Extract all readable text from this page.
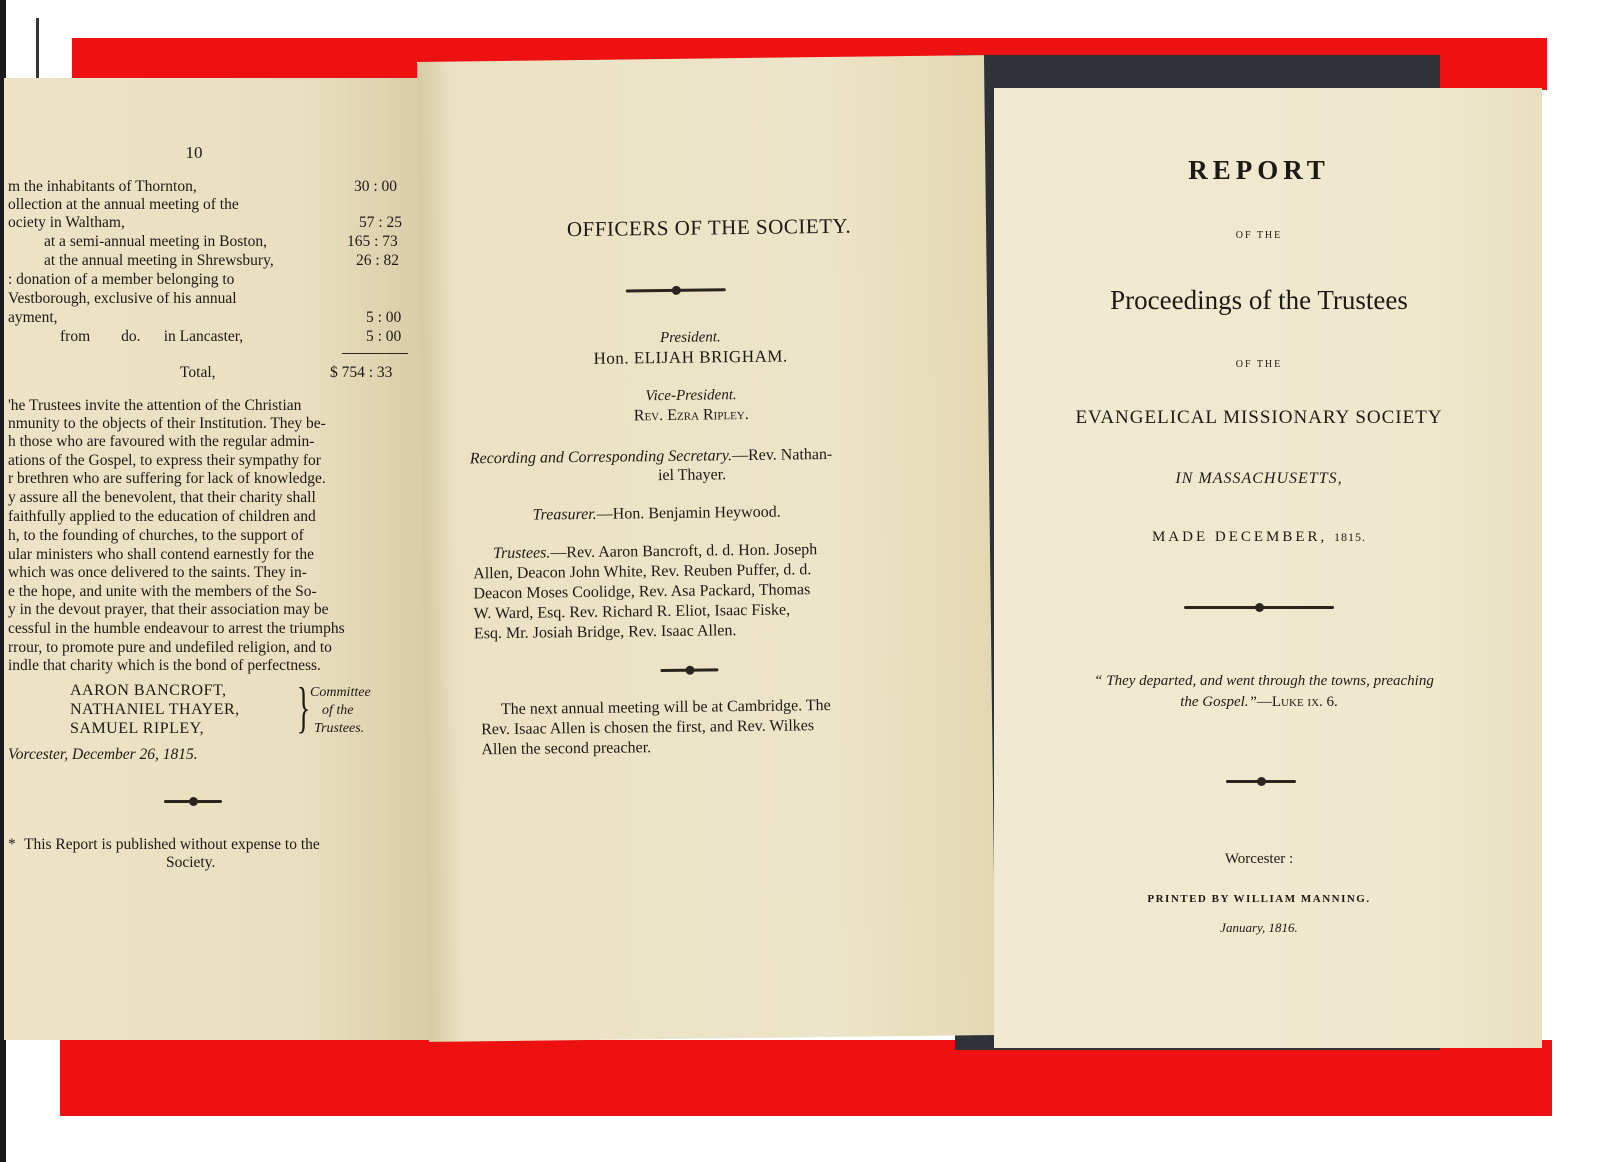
10
m the inhabitants of Thornton,	30 : 00
ollection at the annual meeting of the
ociety in Waltham,	57 : 25
at a semi-annual meeting in Boston,	165 : 73
at the annual meeting in Shrewsbury,	26 : 82
: donation of a member belonging to
Vestborough, exclusive of his annual
ayment,	5 : 00
from        do.      in Lancaster,	5 : 00
Total,	$ 754 : 33
'he Trustees invite the attention of the Christian
nmunity to the objects of their Institution. They be-
h those who are favoured with the regular admin-
ations of the Gospel, to express their sympathy for
r brethren who are suffering for lack of knowledge.
y assure all the benevolent, that their charity shall
faithfully applied to the education of children and
h, to the founding of churches, to the support of
ular ministers who shall contend earnestly for the
which was once delivered to the saints. They in-
e the hope, and unite with the members of the So-
y in the devout prayer, that their association may be
cessful in the humble endeavour to arrest the triumphs
rrour, to promote pure and undefiled religion, and to
indle that charity which is the bond of perfectness.
AARON BANCROFT,
NATHANIEL THAYER,
SAMUEL RIPLEY, } Committee
of the
Trustees.
Vorcester, December 26, 1815.
* This Report is published without expense to the
Society.
OFFICERS OF THE SOCIETY.
President.
Hon. ELIJAH BRIGHAM.
Vice-President.
Rev. Ezra Ripley.
Recording and Corresponding Secretary.—Rev. Nathan-
iel Thayer.
Treasurer.—Hon. Benjamin Heywood.
Trustees.—Rev. Aaron Bancroft, d. d. Hon. Joseph
Allen, Deacon John White, Rev. Reuben Puffer, d. d.
Deacon Moses Coolidge, Rev. Asa Packard, Thomas
W. Ward, Esq. Rev. Richard R. Eliot, Isaac Fiske,
Esq. Mr. Josiah Bridge, Rev. Isaac Allen.
The next annual meeting will be at Cambridge. The
Rev. Isaac Allen is chosen the first, and Rev. Wilkes
Allen the second preacher.
REPORT
OF THE
Proceedings of the Trustees
OF THE
EVANGELICAL MISSIONARY SOCIETY
IN MASSACHUSETTS,
MADE DECEMBER, 1815.
“ They departed, and went through the towns, preaching
the Gospel.”—Luke ix. 6.
Worcester :
PRINTED BY WILLIAM MANNING.
January, 1816.
